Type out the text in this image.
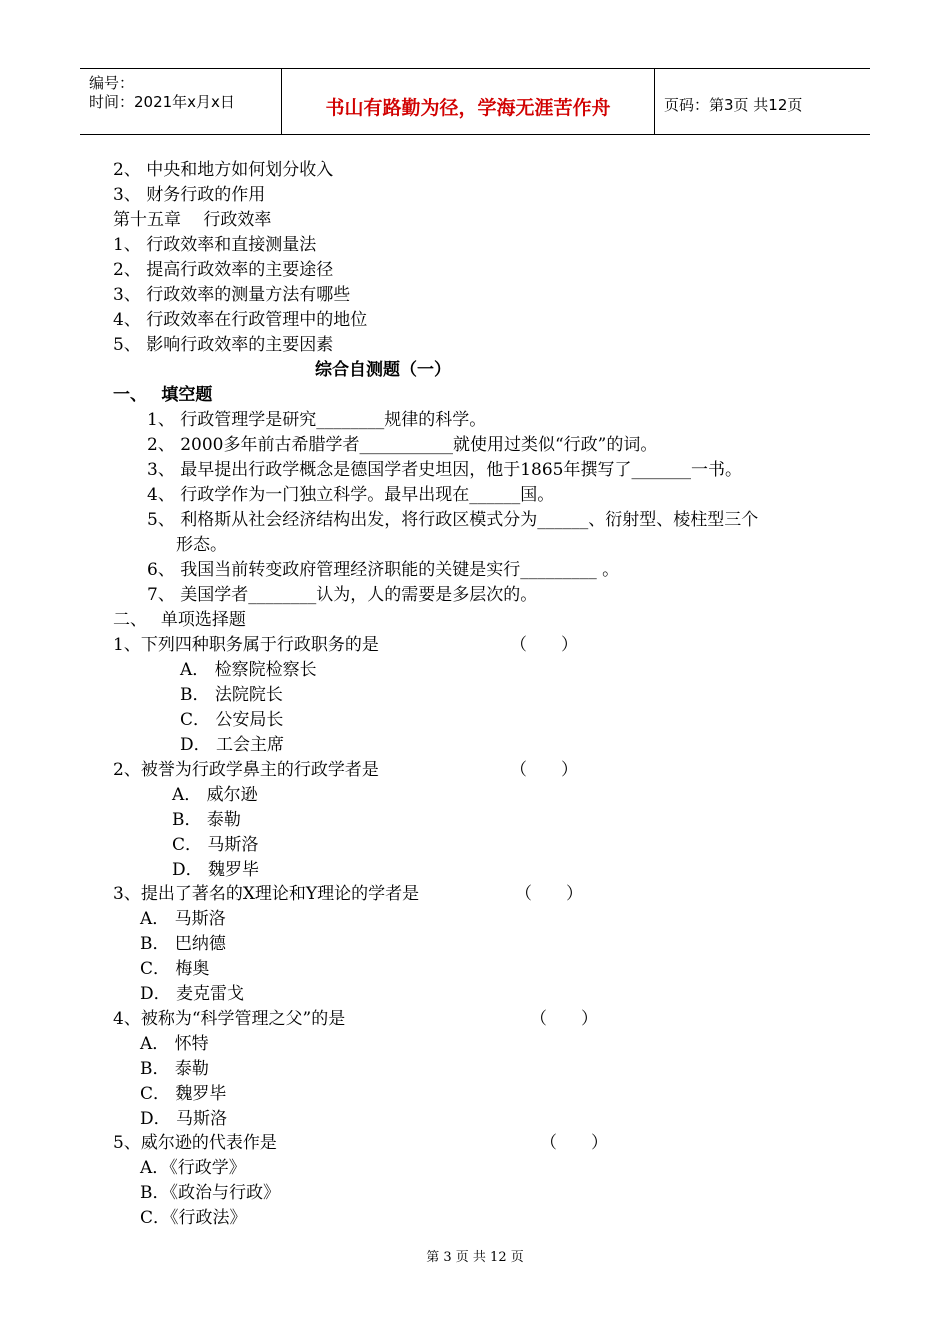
编号：
时间：2021年x月x日	书山有路勤为径，学海无涯苦作舟	页码：第3页 共12页
2、 中央和地方如何划分收入
3、 财务行政的作用
第十五章　 行政效率
1、 行政效率和直接测量法
2、 提高行政效率的主要途径
3、 行政效率的测量方法有哪些
4、 行政效率在行政管理中的地位
5、 影响行政效率的主要因素
综合自测题（一）
一、　 填空题
1、 行政管理学是研究________规律的科学。
2、 2000多年前古希腊学者___________就使用过类似“行政”的词。
3、 最早提出行政学概念是德国学者史坦因，他于1865年撰写了_______一书。
4、 行政学作为一门独立科学。最早出现在______国。
5、 利格斯从社会经济结构出发，将行政区模式分为______、衍射型、棱柱型三个
形态。
6、 我国当前转变政府管理经济职能的关键是实行_________ 。
7、 美国学者________认为，人的需要是多层次的。
二、　 单项选择题
1、下列四种职务属于行政职务的是	（　　）
A． 检察院检察长
B． 法院院长
C． 公安局长
D． 工会主席
2、被誉为行政学鼻主的行政学者是	（　　）
A． 威尔逊
B． 泰勒
C． 马斯洛
D． 魏罗毕
3、提出了著名的X理论和Y理论的学者是	（　　）
A． 马斯洛
B． 巴纳德
C． 梅奥
D． 麦克雷戈
4、被称为“科学管理之父”的是	（　　）
A． 怀特
B． 泰勒
C． 魏罗毕
D． 马斯洛
5、威尔逊的代表作是	（　　）
A．《行政学》
B．《政治与行政》
C．《行政法》
第 3 页 共 12 页
